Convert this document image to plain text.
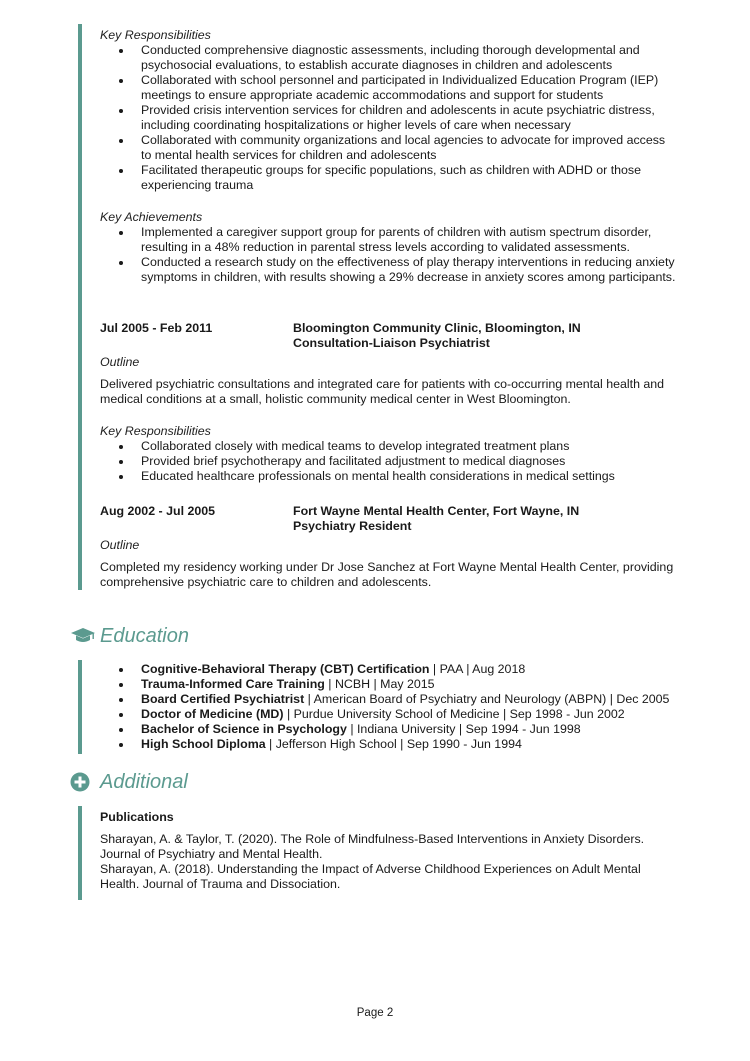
Key Responsibilities
Conducted comprehensive diagnostic assessments, including thorough developmental and psychosocial evaluations, to establish accurate diagnoses in children and adolescents
Collaborated with school personnel and participated in Individualized Education Program (IEP) meetings to ensure appropriate academic accommodations and support for students
Provided crisis intervention services for children and adolescents in acute psychiatric distress, including coordinating hospitalizations or higher levels of care when necessary
Collaborated with community organizations and local agencies to advocate for improved access to mental health services for children and adolescents
Facilitated therapeutic groups for specific populations, such as children with ADHD or those experiencing trauma
Key Achievements
Implemented a caregiver support group for parents of children with autism spectrum disorder, resulting in a 48% reduction in parental stress levels according to validated assessments.
Conducted a research study on the effectiveness of play therapy interventions in reducing anxiety symptoms in children, with results showing a 29% decrease in anxiety scores among participants.
Jul 2005 - Feb 2011	Bloomington Community Clinic, Bloomington, IN
Consultation-Liaison Psychiatrist
Outline
Delivered psychiatric consultations and integrated care for patients with co-occurring mental health and medical conditions at a small, holistic community medical center in West Bloomington.
Key Responsibilities
Collaborated closely with medical teams to develop integrated treatment plans
Provided brief psychotherapy and facilitated adjustment to medical diagnoses
Educated healthcare professionals on mental health considerations in medical settings
Aug 2002 - Jul 2005	Fort Wayne Mental Health Center, Fort Wayne, IN
Psychiatry Resident
Outline
Completed my residency working under Dr Jose Sanchez at Fort Wayne Mental Health Center, providing comprehensive psychiatric care to children and adolescents.
Education
Cognitive-Behavioral Therapy (CBT) Certification | PAA | Aug 2018
Trauma-Informed Care Training | NCBH | May 2015
Board Certified Psychiatrist | American Board of Psychiatry and Neurology (ABPN) | Dec 2005
Doctor of Medicine (MD) | Purdue University School of Medicine | Sep 1998 - Jun 2002
Bachelor of Science in Psychology | Indiana University | Sep 1994 - Jun 1998
High School Diploma | Jefferson High School | Sep 1990 - Jun 1994
Additional
Publications
Sharayan, A. & Taylor, T. (2020). The Role of Mindfulness-Based Interventions in Anxiety Disorders. Journal of Psychiatry and Mental Health.
Sharayan, A. (2018). Understanding the Impact of Adverse Childhood Experiences on Adult Mental Health. Journal of Trauma and Dissociation.
Page 2
